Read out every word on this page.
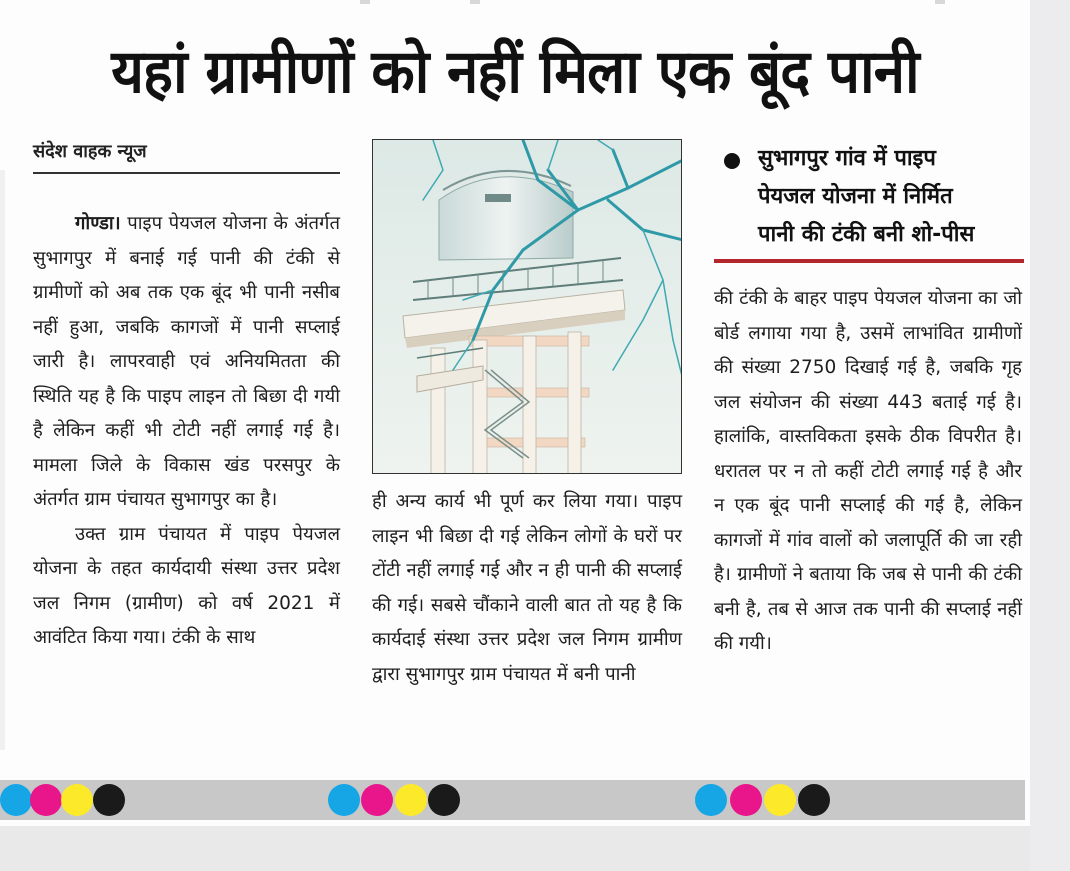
यहां ग्रामीणों को नहीं मिला एक बूंद पानी
संदेश वाहक न्यूज

गोण्डा। पाइप पेयजल योजना के अंतर्गत सुभागपुर में बनाई गई पानी की टंकी से ग्रामीणों को अब तक एक बूंद भी पानी नसीब नहीं हुआ, जबकि कागजों में पानी सप्लाई जारी है। लापरवाही एवं अनियमितता की स्थिति यह है कि पाइप लाइन तो बिछा दी गयी है लेकिन कहीं भी टोटी नहीं लगाई गई है। मामला जिले के विकास खंड परसपुर के अंतर्गत ग्राम पंचायत सुभागपुर का है।

उक्त ग्राम पंचायत में पाइप पेयजल योजना के तहत कार्यदायी संस्था उत्तर प्रदेश जल निगम (ग्रामीण) को वर्ष 2021 में आवंटित किया गया। टंकी के साथ

ही अन्य कार्य भी पूर्ण कर लिया गया। पाइप लाइन भी बिछा दी गई लेकिन लोगों के घरों पर टोंटी नहीं लगाई गई और न ही पानी की सप्लाई की गई। सबसे चौंकाने वाली बात तो यह है कि कार्यदाई संस्था उत्तर प्रदेश जल निगम ग्रामीण द्वारा सुभागपुर ग्राम पंचायत में बनी पानी

सुभागपुर गांव में पाइप
पेयजल योजना में निर्मित
पानी की टंकी बनी शो-पीस

की टंकी के बाहर पाइप पेयजल योजना का जो बोर्ड लगाया गया है, उसमें लाभांवित ग्रामीणों की संख्या 2750 दिखाई गई है, जबकि गृह जल संयोजन की संख्या 443 बताई गई है। हालांकि, वास्तविकता इसके ठीक विपरीत है। धरातल पर न तो कहीं टोटी लगाई गई है और न एक बूंद पानी सप्लाई की गई है, लेकिन कागजों में गांव वालों को जलापूर्ति की जा रही है। ग्रामीणों ने बताया कि जब से पानी की टंकी बनी है, तब से आज तक पानी की सप्लाई नहीं की गयी।
